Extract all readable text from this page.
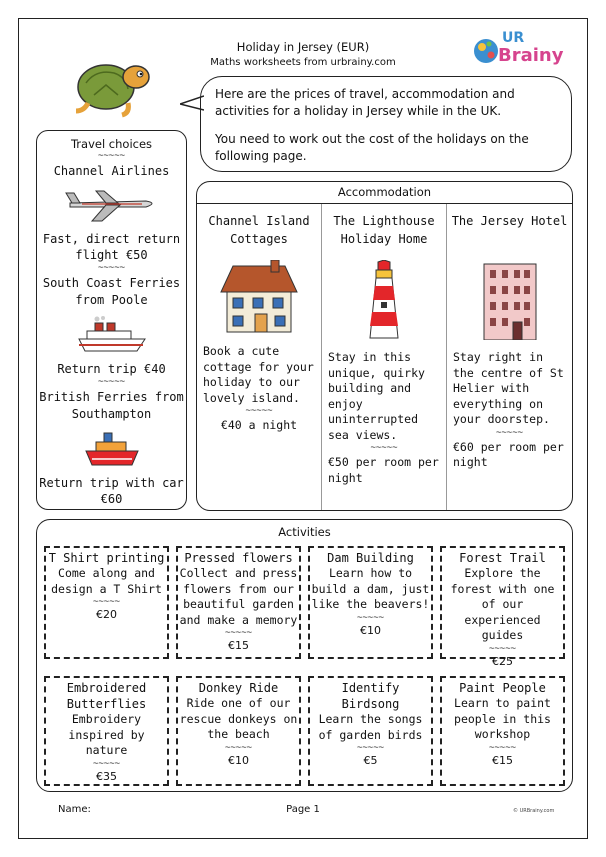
Holiday in Jersey (EUR)
Maths worksheets from urbrainy.com
UR
Brainy

Here are the prices of travel, accommodation and activities for a holiday in Jersey while in the UK.

You need to work out the cost of the holidays on the following page.

Travel choices
~~~~~
Channel Airlines
Fast, direct return flight €50
~~~~~
South Coast Ferries from Poole
Return trip €40
~~~~~
British Ferries from Southampton
Return trip with car €60
Accommodation
Channel Island Cottages
Book a cute cottage for your holiday to our lovely island.
~~~~~
€40 a night
The Lighthouse Holiday Home
Stay in this unique, quirky building and enjoy uninterrupted sea views.
~~~~~
€50 per room per night
The Jersey Hotel
Stay right in the centre of St Helier with everything on your doorstep.
~~~~~
€60 per room per night
Activities
T Shirt printing
Come along and design a T Shirt
~~~~~
€20
Pressed flowers
Collect and press flowers from our beautiful garden and make a memory
~~~~~
€15
Dam Building
Learn how to build a dam, just like the beavers!
~~~~~
€10
Forest Trail
Explore the forest with one of our experienced guides
~~~~~
€25
Embroidered Butterflies
Embroidery inspired by nature
~~~~~
€35
Donkey Ride
Ride one of our rescue donkeys on the beach
~~~~~
€10
Identify Birdsong
Learn the songs of garden birds
~~~~~
€5
Paint People
Learn to paint people in this workshop
~~~~~
€15
Name:	Page 1	© URBrainy.com
